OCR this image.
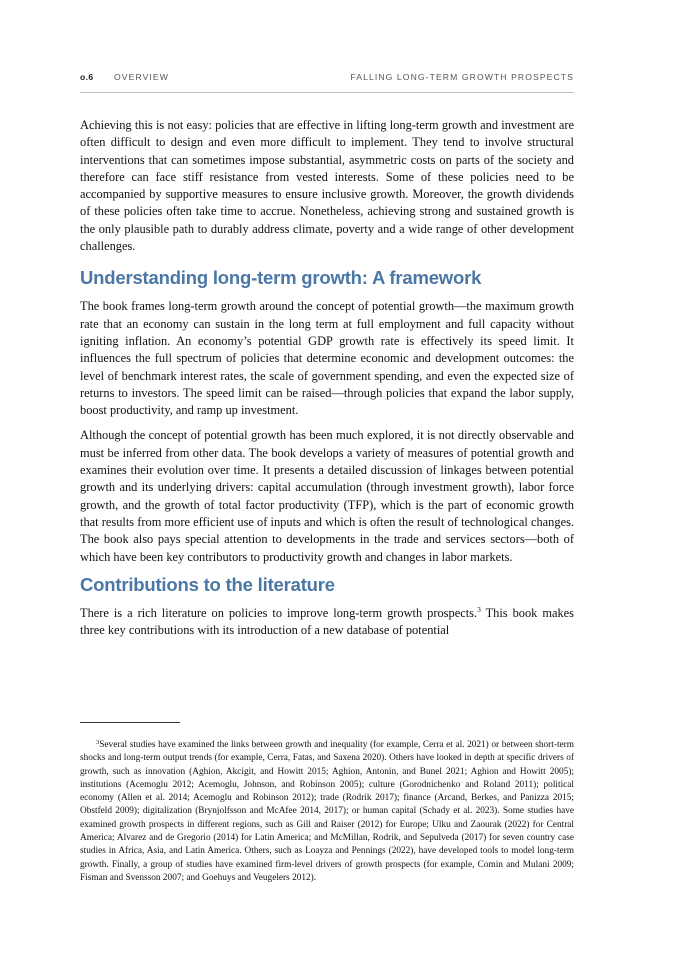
o.6 OVERVIEW	FALLING LONG-TERM GROWTH PROSPECTS

Achieving this is not easy: policies that are effective in lifting long-term growth and investment are often difficult to design and even more difficult to implement. They tend to involve structural interventions that can sometimes impose substantial, asymmetric costs on parts of the society and therefore can face stiff resistance from vested interests. Some of these policies need to be accompanied by supportive measures to ensure inclusive growth. Moreover, the growth dividends of these policies often take time to accrue. Nonetheless, achieving strong and sustained growth is the only plausible path to durably address climate, poverty and a wide range of other development challenges.

Understanding long-term growth: A framework

The book frames long-term growth around the concept of potential growth—the maximum growth rate that an economy can sustain in the long term at full employment and full capacity without igniting inflation. An economy’s potential GDP growth rate is effectively its speed limit. It influences the full spectrum of policies that determine economic and development outcomes: the level of benchmark interest rates, the scale of government spending, and even the expected size of returns to investors. The speed limit can be raised—through policies that expand the labor supply, boost productivity, and ramp up investment.

Although the concept of potential growth has been much explored, it is not directly observable and must be inferred from other data. The book develops a variety of measures of potential growth and examines their evolution over time. It presents a detailed discussion of linkages between potential growth and its underlying drivers: capital accumulation (through investment growth), labor force growth, and the growth of total factor productivity (TFP), which is the part of economic growth that results from more efficient use of inputs and which is often the result of technological changes. The book also pays special attention to developments in the trade and services sectors—both of which have been key contributors to productivity growth and changes in labor markets.

Contributions to the literature

There is a rich literature on policies to improve long-term growth prospects.$^3$ This book makes three key contributions with its introduction of a new database of potential

$^3$Several studies have examined the links between growth and inequality (for example, Cerra et al. 2021) or between short-term shocks and long-term output trends (for example, Cerra, Fatas, and Saxena 2020). Others have looked in depth at specific drivers of growth, such as innovation (Aghion, Akcigit, and Howitt 2015; Aghion, Antonin, and Bunel 2021; Aghion and Howitt 2005); institutions (Acemoglu 2012; Acemoglu, Johnson, and Robinson 2005); culture (Gorodnichenko and Roland 2011); political economy (Allen et al. 2014; Acemoglu and Robinson 2012); trade (Rodrik 2017); finance (Arcand, Berkes, and Panizza 2015; Obstfeld 2009); digitalization (Brynjolfsson and McAfee 2014, 2017); or human capital (Schady et al. 2023). Some studies have examined growth prospects in different regions, such as Gill and Raiser (2012) for Europe; Ulku and Zaourak (2022) for Central America; Alvarez and de Gregorio (2014) for Latin America; and McMillan, Rodrik, and Sepulveda (2017) for seven country case studies in Africa, Asia, and Latin America. Others, such as Loayza and Pennings (2022), have developed tools to model long-term growth. Finally, a group of studies have examined firm-level drivers of growth prospects (for example, Comin and Mulani 2009; Fisman and Svensson 2007; and Goehuys and Veugelers 2012).
